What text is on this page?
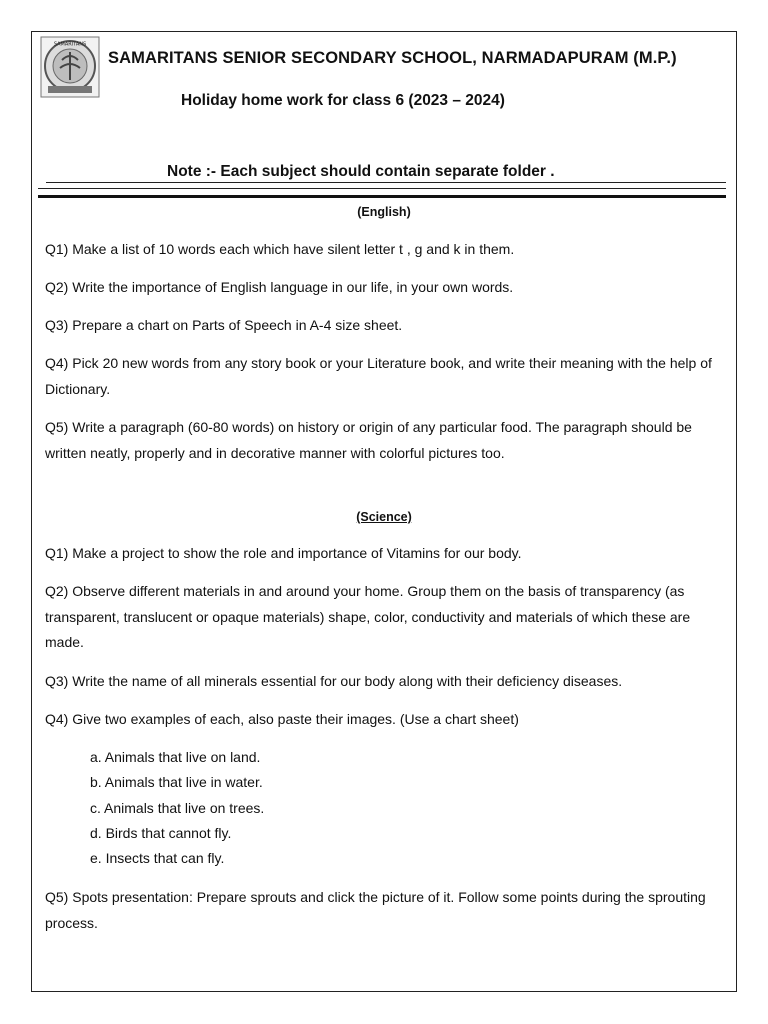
SAMARITANS
SAMARITANS SENIOR SECONDARY SCHOOL, NARMADAPURAM (M.P.)
Holiday home work for class 6 (2023 – 2024)
Note :- Each subject should contain separate folder .
(English)
Q1) Make a list of 10 words each which have silent letter t , g and k in them.
Q2) Write the importance of English language in our life, in your own words.
Q3) Prepare a chart on Parts of Speech in A-4 size sheet.
Q4) Pick 20 new words from any story book or your Literature book, and write their meaning with the help of Dictionary.
Q5) Write a paragraph (60-80 words) on history or origin of any particular food. The paragraph should be written neatly, properly and in decorative manner with colorful pictures too.
(Science)
Q1) Make a project to show the role and importance of Vitamins for our body.
Q2) Observe different materials in and around your home. Group them on the basis of transparency (as transparent, translucent or opaque materials) shape, color, conductivity and materials of which these are made.
Q3) Write the name of all minerals essential for our body along with their deficiency diseases.
Q4) Give two examples of each, also paste their images. (Use a chart sheet)
a. Animals that live on land.
b. Animals that live in water.
c. Animals that live on trees.
d. Birds that cannot fly.
e. Insects that can fly.
Q5) Spots presentation: Prepare sprouts and click the picture of it. Follow some points during the sprouting process.
